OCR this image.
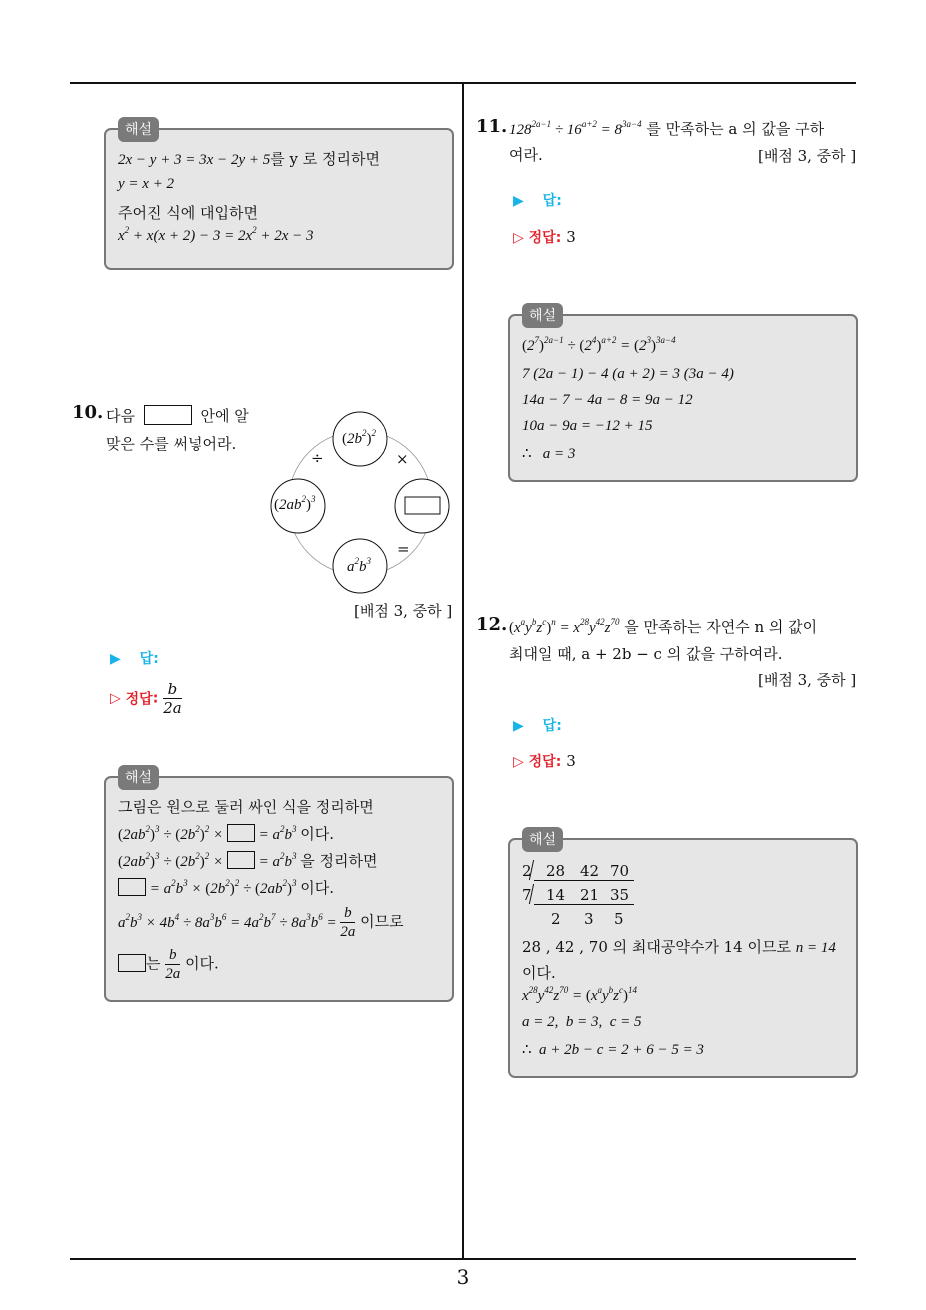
해설
2x − y + 3 = 3x − 2y + 5를 y 로 정리하면
y = x + 2
주어진 식에 대입하면
$x^2 + x(x + 2) - 3 = 2x^2 + 2x - 3$
10. 다음	안에 알
맞은 수를 써넣어라.	$(2b^2)^2$
$(2ab^2)^3$
$a^2b^3$
÷	×
=
[배점 3, 중하 ]
▶ 답:
▷ 정답: $\frac{b}{2a}$
해설
그림은 원으로 둘러 싸인 식을 정리하면
$(2ab^2)^3 \div (2b^2)^2$ ×  = $a^2b^3$ 이다.
$(2ab^2)^3 \div (2b^2)^2$ ×  = $a^2b^3$ 을 정리하면
= $a^2b^3 \times (2b^2)^2 \div (2ab^2)^3$ 이다.
$a^2b^3 \times 4b^4 \div 8a^3b^6 = 4a^2b^7 \div 8a^3b^6 = \frac{b}{2a}$ 이므로
는 $\frac{b}{2a}$ 이다.
11. $128^{2a-1} \div 16^{a+2} = 8^{3a-4}$ 를 만족하는 a 의 값을 구하
여라.	[배점 3, 중하 ]
▶ 답:
▷ 정답: 3
해설
$(2^7)^{2a-1} \div (2^4)^{a+2} = (2^3)^{3a-4}$
7 (2a − 1) − 4 (a + 2) = 3 (3a − 4)
14a − 7 − 4a − 8 = 9a − 12
10a − 9a = −12 + 15
∴   a = 3
12. $(x^ay^bz^c)^n = x^{28}y^{42}z^{70}$ 을 만족하는 자연수 n 의 값이
최대일 때, a + 2b − c 의 값을 구하여라.
[배점 3, 중하 ]
▶ 답:
▷ 정답: 3
해설
2 28 42 70
7 14 21 35
2 3 5
28 , 42 , 70 의 최대공약수가 14 이므로 n = 14
이다.
$x^{28}y^{42}z^{70} = (x^ay^bz^c)^{14}$
a = 2,  b = 3,  c = 5
∴  a + 2b − c = 2 + 6 − 5 = 3
3
